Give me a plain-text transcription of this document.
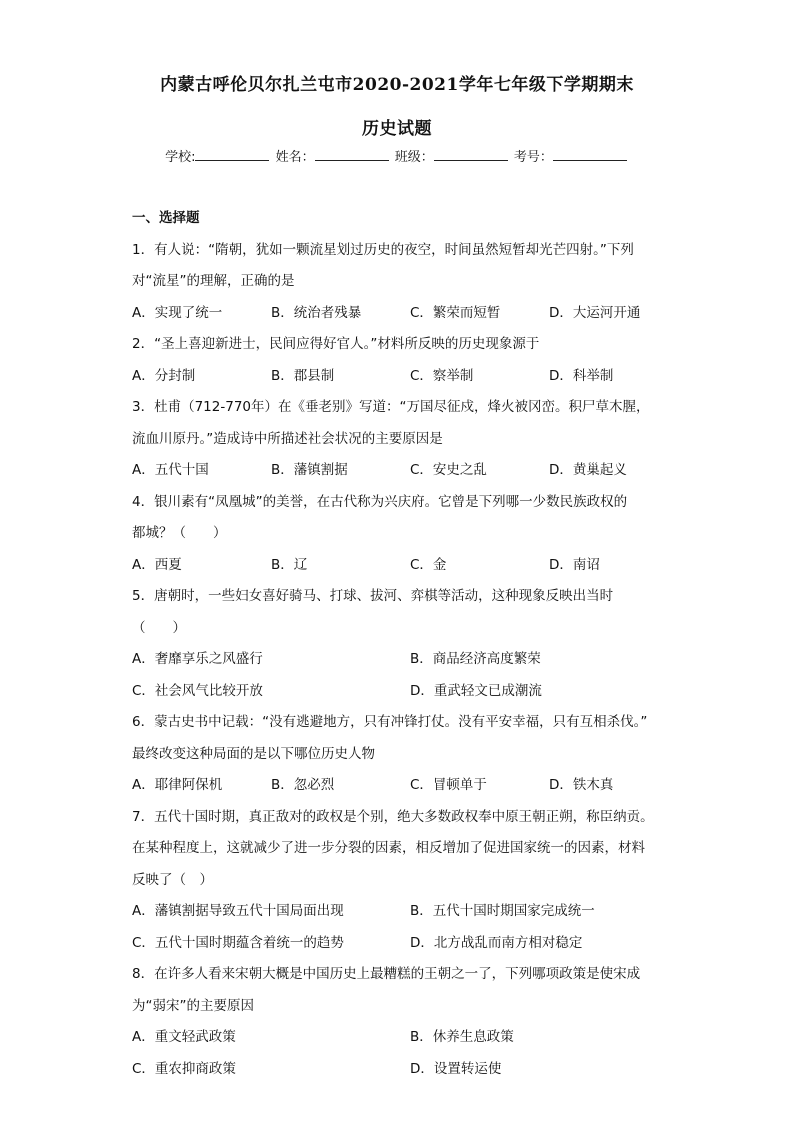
内蒙古呼伦贝尔扎兰屯市2020-2021学年七年级下学期期末
历史试题
学校:	姓名：	班级：	考号：
一、选择题
1．有人说：“隋朝，犹如一颗流星划过历史的夜空，时间虽然短暂却光芒四射。”下列
对“流星”的理解，正确的是
A．实现了统一	B．统治者残暴	C．繁荣而短暂	D．大运河开通
2．“圣上喜迎新进士，民间应得好官人。”材料所反映的历史现象源于
A．分封制	B．郡县制	C．察举制	D．科举制
3．杜甫（712-770年）在《垂老别》写道：“万国尽征戍，烽火被冈峦。积尸草木腥，
流血川原丹。”造成诗中所描述社会状况的主要原因是
A．五代十国	B．藩镇割据	C．安史之乱	D．黄巢起义
4．银川素有“凤凰城”的美誉，在古代称为兴庆府。它曾是下列哪一少数民族政权的
都城？（　　）
A．西夏	B．辽	C．金	D．南诏
5．唐朝时，一些妇女喜好骑马、打球、拔河、弈棋等活动，这种现象反映出当时
（　　）
A．奢靡享乐之风盛行	B．商品经济高度繁荣
C．社会风气比较开放	D．重武轻文已成潮流
6．蒙古史书中记载：“没有逃避地方，只有冲锋打仗。没有平安幸福，只有互相杀伐。”
最终改变这种局面的是以下哪位历史人物
A．耶律阿保机	B．忽必烈	C．冒顿单于	D．铁木真
7．五代十国时期，真正敌对的政权是个别，绝大多数政权奉中原王朝正朔，称臣纳贡。
在某种程度上，这就减少了进一步分裂的因素，相反增加了促进国家统一的因素，材料
反映了（　）
A．藩镇割据导致五代十国局面出现	B．五代十国时期国家完成统一
C．五代十国时期蕴含着统一的趋势	D．北方战乱而南方相对稳定
8．在许多人看来宋朝大概是中国历史上最糟糕的王朝之一了，下列哪项政策是使宋成
为“弱宋”的主要原因
A．重文轻武政策	B．休养生息政策
C．重农抑商政策	D．设置转运使
